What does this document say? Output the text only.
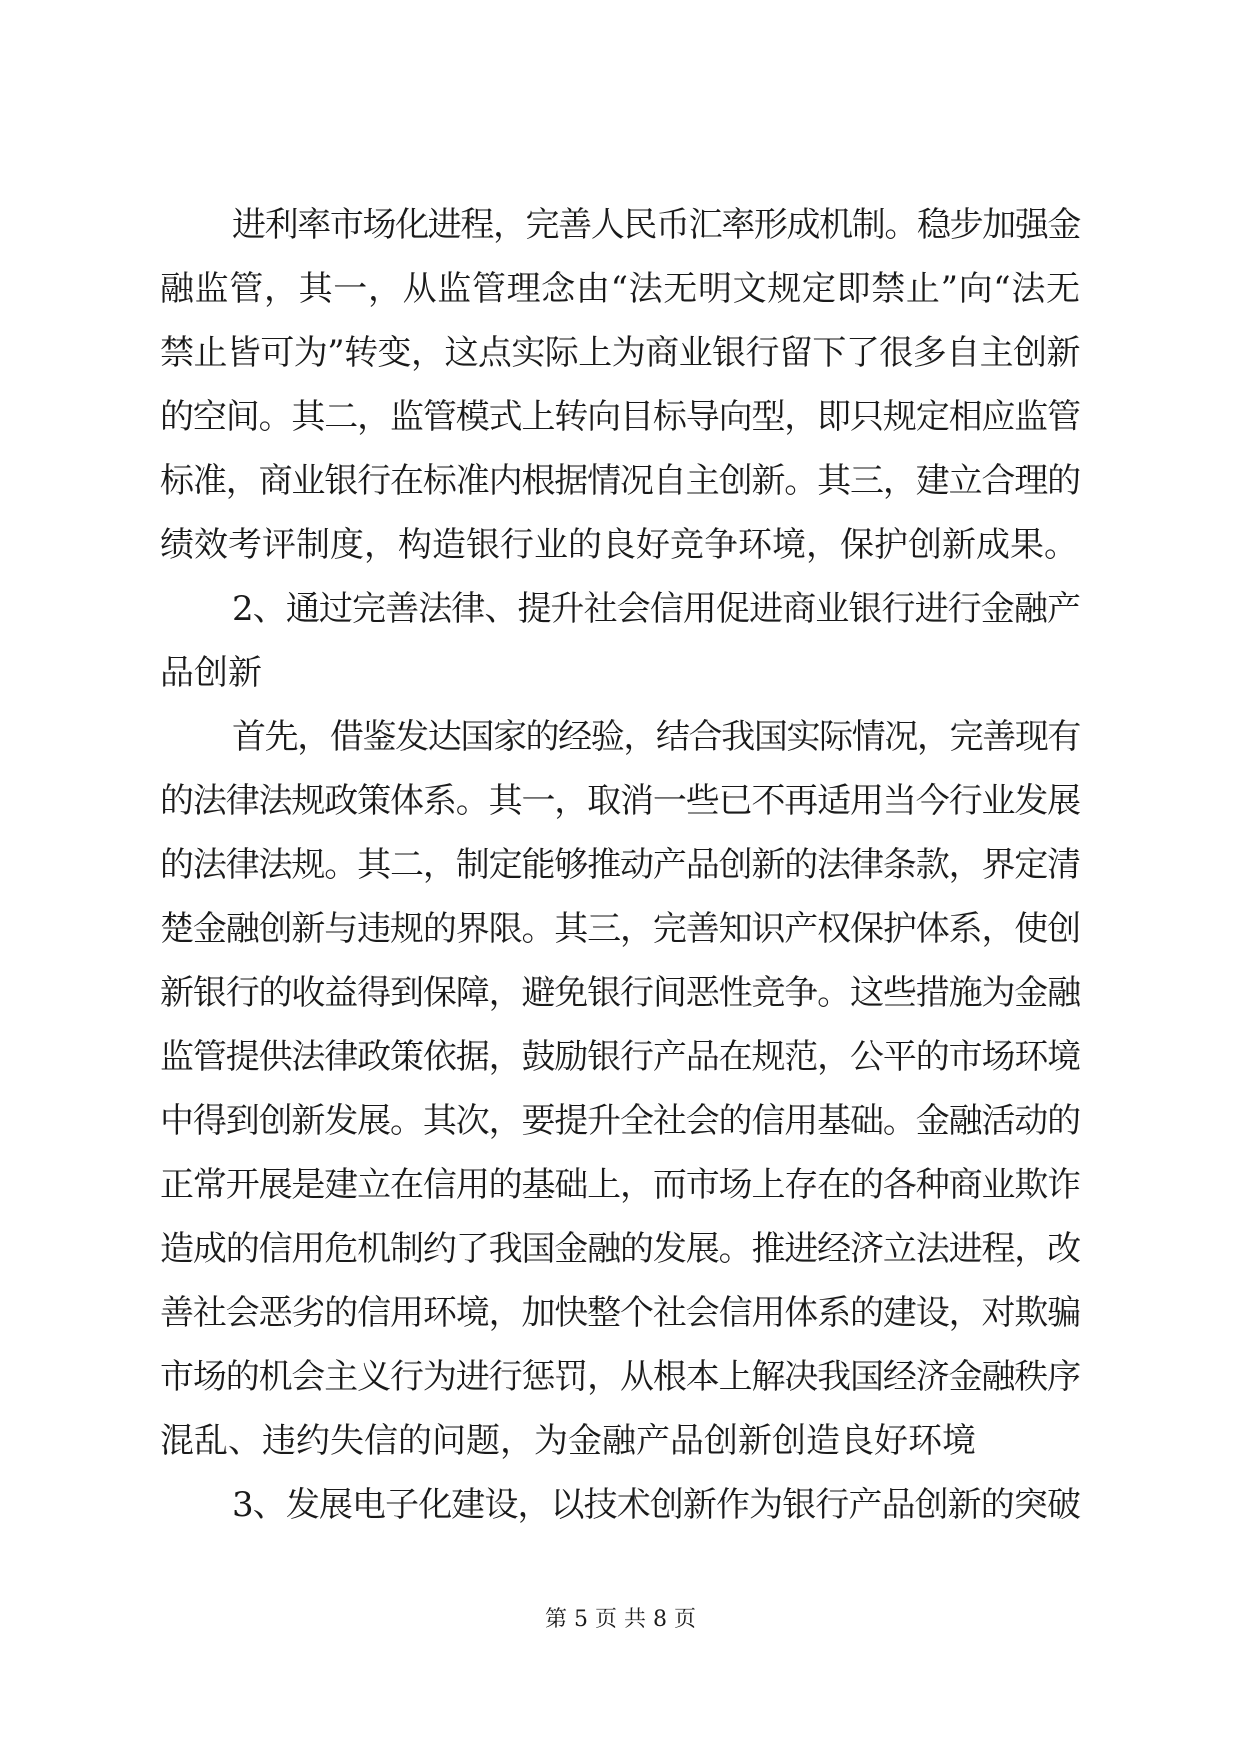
进利率市场化进程，完善人民币汇率形成机制。稳步加强金
融监管，其一，从监管理念由“法无明文规定即禁止”向“法无
禁止皆可为”转变，这点实际上为商业银行留下了很多自主创新
的空间。其二，监管模式上转向目标导向型，即只规定相应监管
标准，商业银行在标准内根据情况自主创新。其三，建立合理的
绩效考评制度，构造银行业的良好竞争环境，保护创新成果。
2、通过完善法律、提升社会信用促进商业银行进行金融产
品创新
首先，借鉴发达国家的经验，结合我国实际情况，完善现有
的法律法规政策体系。其一，取消一些已不再适用当今行业发展
的法律法规。其二，制定能够推动产品创新的法律条款，界定清
楚金融创新与违规的界限。其三，完善知识产权保护体系，使创
新银行的收益得到保障，避免银行间恶性竞争。这些措施为金融
监管提供法律政策依据，鼓励银行产品在规范，公平的市场环境
中得到创新发展。其次，要提升全社会的信用基础。金融活动的
正常开展是建立在信用的基础上，而市场上存在的各种商业欺诈
造成的信用危机制约了我国金融的发展。推进经济立法进程，改
善社会恶劣的信用环境，加快整个社会信用体系的建设，对欺骗
市场的机会主义行为进行惩罚，从根本上解决我国经济金融秩序
混乱、违约失信的问题，为金融产品创新创造良好环境
3、发展电子化建设，以技术创新作为银行产品创新的突破
第 5 页 共 8 页
